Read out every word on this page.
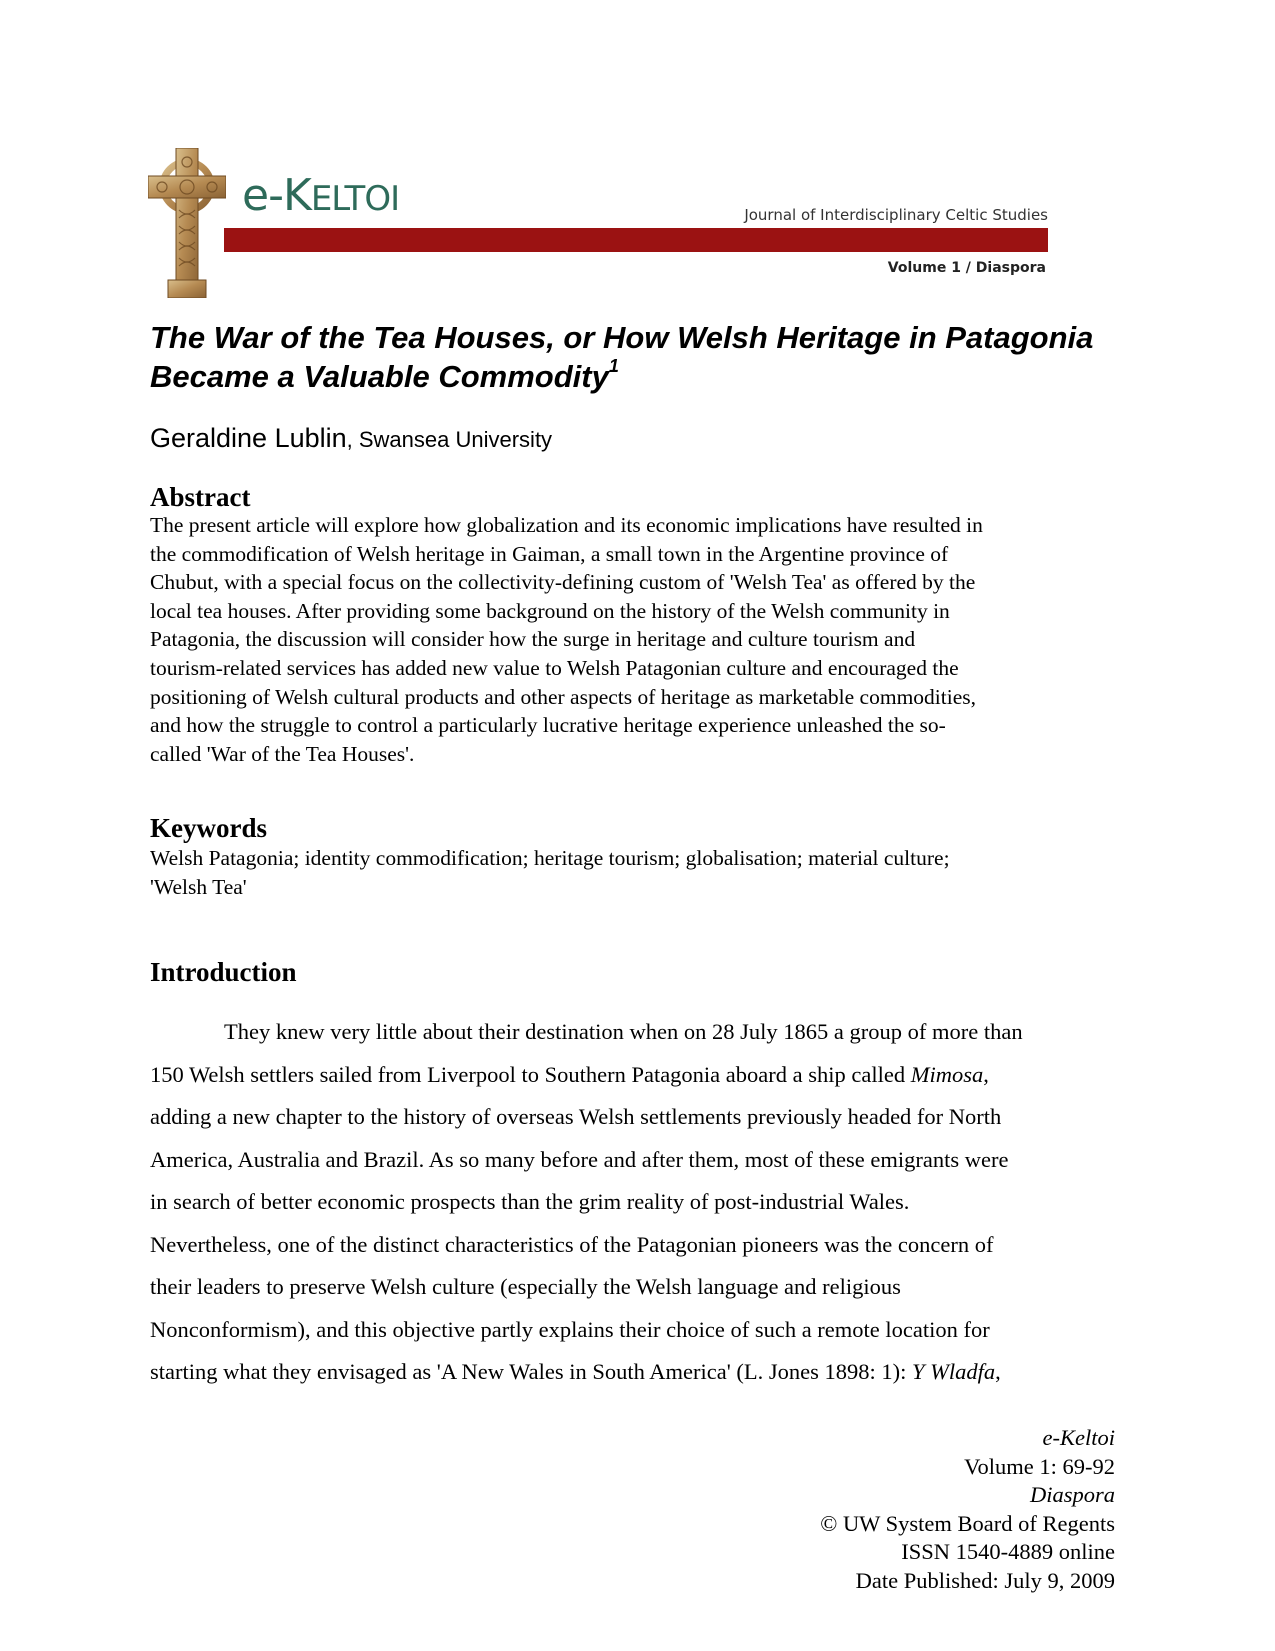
e-KELTOI	Journal of Interdisciplinary Celtic Studies
Volume 1 / Diaspora
The War of the Tea Houses, or How Welsh Heritage in Patagonia Became a Valuable Commodity$^1$
Geraldine Lublin, Swansea University
Abstract
The present article will explore how globalization and its economic implications have resulted in
the commodification of Welsh heritage in Gaiman, a small town in the Argentine province of
Chubut, with a special focus on the collectivity-defining custom of 'Welsh Tea' as offered by the
local tea houses. After providing some background on the history of the Welsh community in
Patagonia, the discussion will consider how the surge in heritage and culture tourism and
tourism-related services has added new value to Welsh Patagonian culture and encouraged the
positioning of Welsh cultural products and other aspects of heritage as marketable commodities,
and how the struggle to control a particularly lucrative heritage experience unleashed the so-
called 'War of the Tea Houses'.
Keywords
Welsh Patagonia; identity commodification; heritage tourism; globalisation; material culture;
'Welsh Tea'
Introduction
They knew very little about their destination when on 28 July 1865 a group of more than
150 Welsh settlers sailed from Liverpool to Southern Patagonia aboard a ship called Mimosa,
adding a new chapter to the history of overseas Welsh settlements previously headed for North
America, Australia and Brazil. As so many before and after them, most of these emigrants were
in search of better economic prospects than the grim reality of post-industrial Wales.
Nevertheless, one of the distinct characteristics of the Patagonian pioneers was the concern of
their leaders to preserve Welsh culture (especially the Welsh language and religious
Nonconformism), and this objective partly explains their choice of such a remote location for
starting what they envisaged as 'A New Wales in South America' (L. Jones 1898: 1): Y Wladfa,
e-Keltoi
Volume 1: 69-92
Diaspora
© UW System Board of Regents
ISSN 1540-4889 online
Date Published: July 9, 2009
